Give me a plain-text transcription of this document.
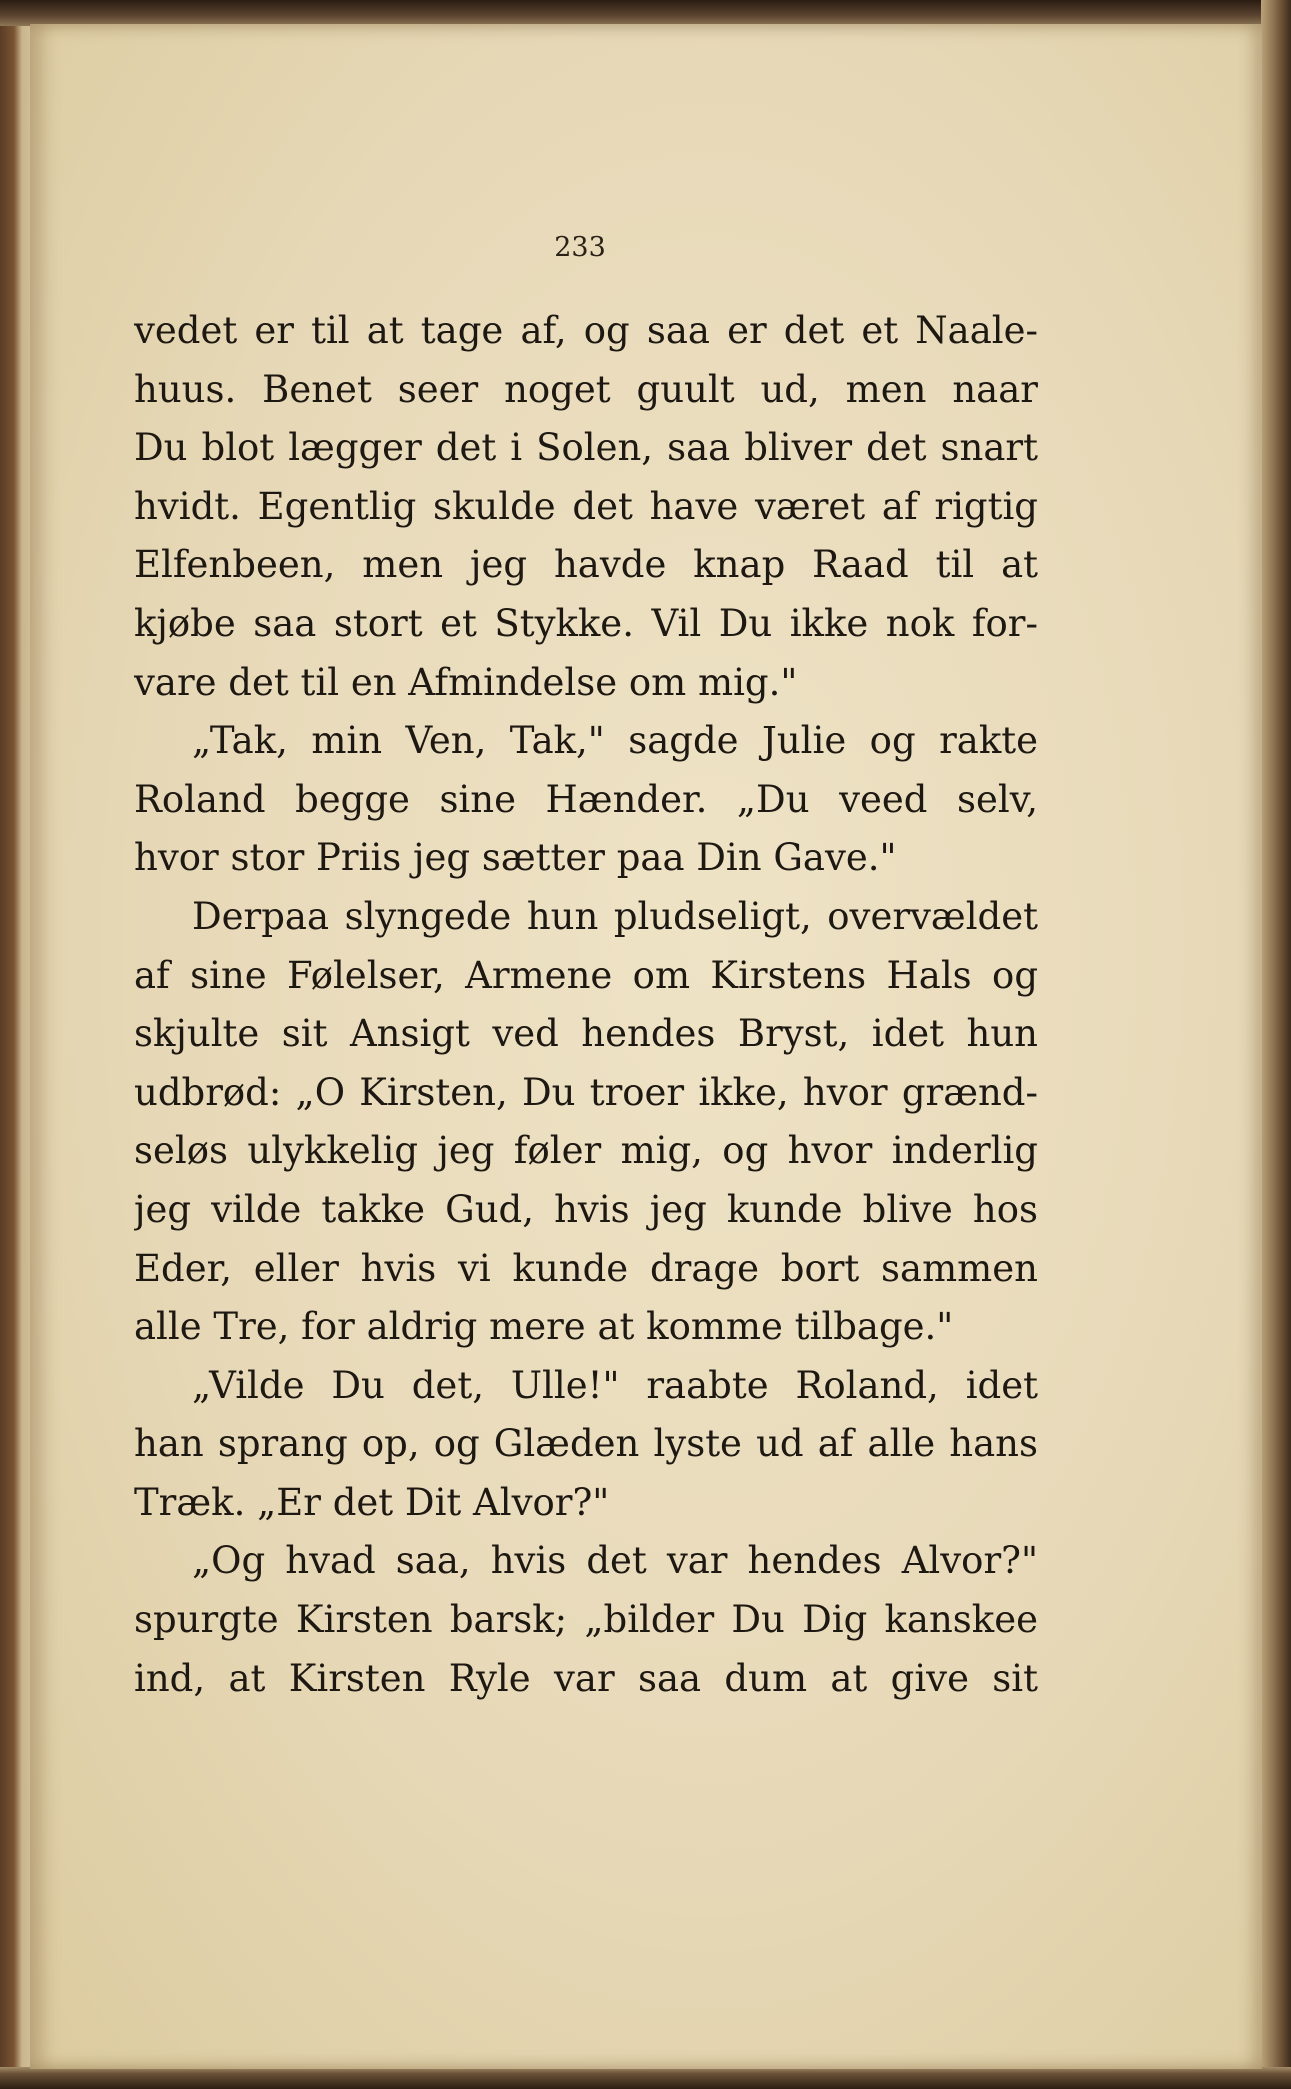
233
vedet er til at tage af, og saa er det et Naale-
huus. Benet seer noget guult ud, men naar
Du blot lægger det i Solen, saa bliver det snart
hvidt. Egentlig skulde det have været af rigtig
Elfenbeen, men jeg havde knap Raad til at
kjøbe saa stort et Stykke. Vil Du ikke nok for-
vare det til en Afmindelse om mig."
„Tak, min Ven, Tak," sagde Julie og rakte
Roland begge sine Hænder. „Du veed selv,
hvor stor Priis jeg sætter paa Din Gave."
Derpaa slyngede hun pludseligt, overvældet
af sine Følelser, Armene om Kirstens Hals og
skjulte sit Ansigt ved hendes Bryst, idet hun
udbrød: „O Kirsten, Du troer ikke, hvor grænd-
seløs ulykkelig jeg føler mig, og hvor inderlig
jeg vilde takke Gud, hvis jeg kunde blive hos
Eder, eller hvis vi kunde drage bort sammen
alle Tre, for aldrig mere at komme tilbage."
„Vilde Du det, Ulle!" raabte Roland, idet
han sprang op, og Glæden lyste ud af alle hans
Træk. „Er det Dit Alvor?"
„Og hvad saa, hvis det var hendes Alvor?"
spurgte Kirsten barsk; „bilder Du Dig kanskee
ind, at Kirsten Ryle var saa dum at give sit
